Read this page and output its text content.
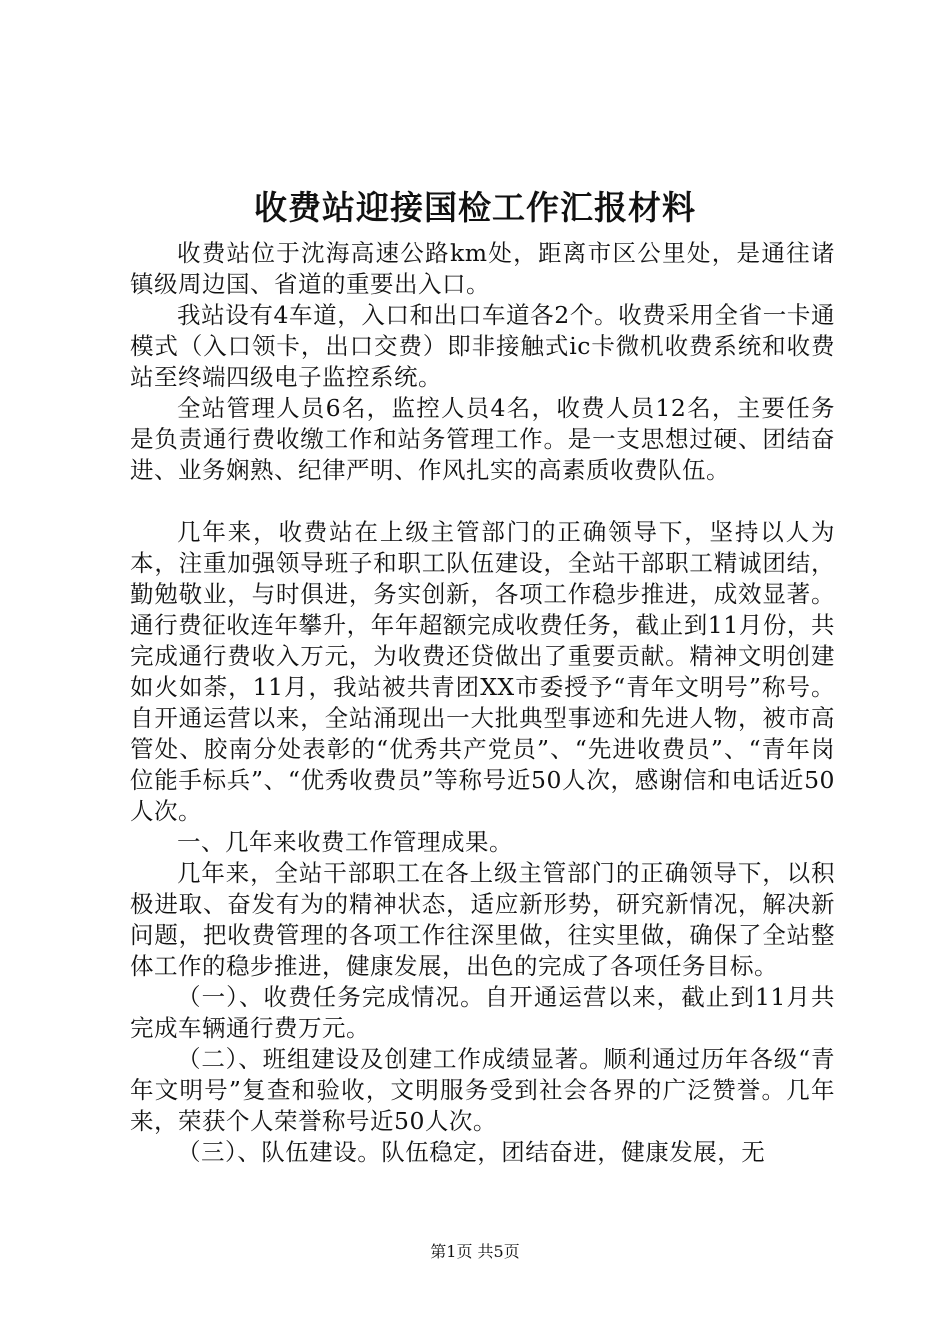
收费站迎接国检工作汇报材料

收费站位于沈海高速公路km处，距离市区公里处，是通往诸镇级周边国、省道的重要出入口。

我站设有4车道，入口和出口车道各2个。收费采用全省一卡通模式（入口领卡，出口交费）即非接触式ic卡微机收费系统和收费站至终端四级电子监控系统。

全站管理人员6名，监控人员4名，收费人员12名，主要任务是负责通行费收缴工作和站务管理工作。是一支思想过硬、团结奋进、业务娴熟、纪律严明、作风扎实的高素质收费队伍。

几年来，收费站在上级主管部门的正确领导下，坚持以人为本，注重加强领导班子和职工队伍建设，全站干部职工精诚团结，勤勉敬业，与时俱进，务实创新，各项工作稳步推进，成效显著。通行费征收连年攀升，年年超额完成收费任务，截止到11月份，共完成通行费收入万元，为收费还贷做出了重要贡献。精神文明创建如火如荼，11月，我站被共青团XX市委授予“青年文明号”称号。自开通运营以来，全站涌现出一大批典型事迹和先进人物，被市高管处、胶南分处表彰的“优秀共产党员”、“先进收费员”、“青年岗位能手标兵”、“优秀收费员”等称号近50人次，感谢信和电话近50人次。

一、几年来收费工作管理成果。

几年来，全站干部职工在各上级主管部门的正确领导下，以积极进取、奋发有为的精神状态，适应新形势，研究新情况，解决新问题，把收费管理的各项工作往深里做，往实里做，确保了全站整体工作的稳步推进，健康发展，出色的完成了各项任务目标。

（一）、收费任务完成情况。自开通运营以来，截止到11月共完成车辆通行费万元。

（二）、班组建设及创建工作成绩显著。顺利通过历年各级“青年文明号”复查和验收，文明服务受到社会各界的广泛赞誉。几年来，荣获个人荣誉称号近50人次。

（三）、队伍建设。队伍稳定，团结奋进，健康发展，无

第1页 共5页
